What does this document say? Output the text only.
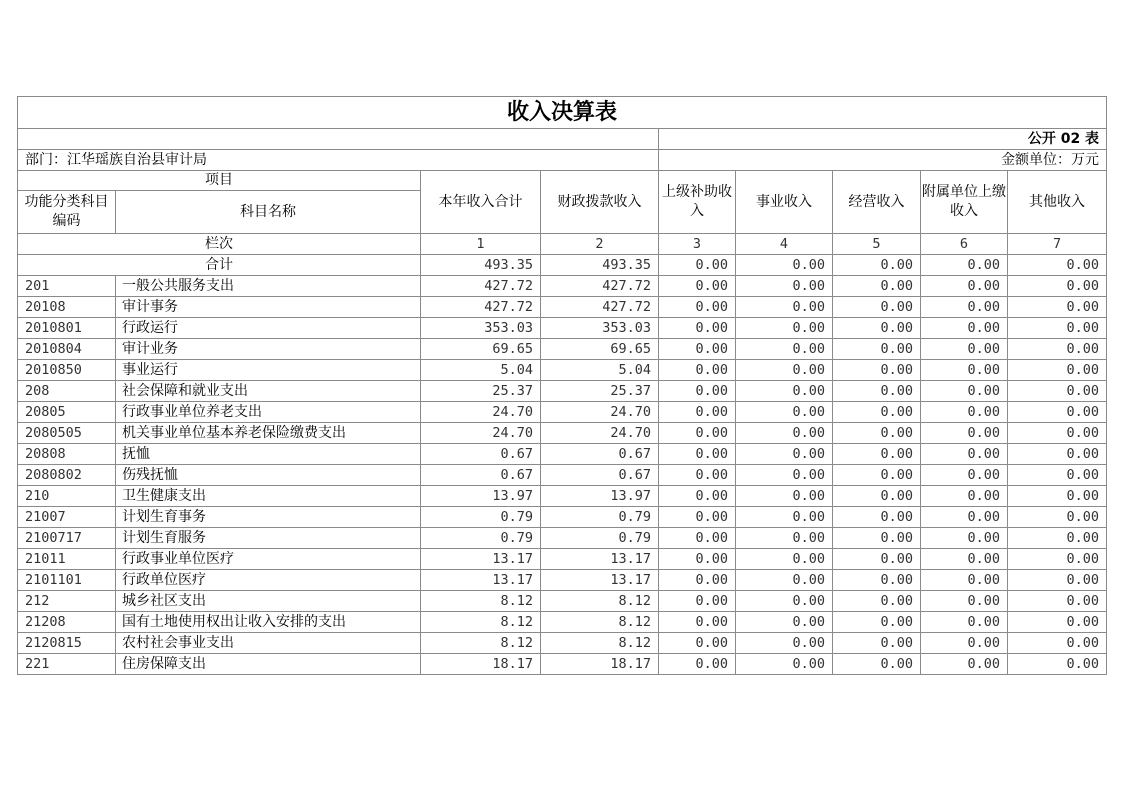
收入决算表								
				公开 02 表				
部门：江华瑶族自治县审计局				金额单位：万元				
项目		本年收入合计	财政拨款收入	上级补助收入	事业收入	经营收入	附属单位上缴收入	其他收入
功能分类科目编码	科目名称							
栏次		1	2	3	4	5	6	7
合计		493.35	493.35	0.00	0.00	0.00	0.00	0.00
201	一般公共服务支出	427.72	427.72	0.00	0.00	0.00	0.00	0.00
20108	审计事务	427.72	427.72	0.00	0.00	0.00	0.00	0.00
2010801	行政运行	353.03	353.03	0.00	0.00	0.00	0.00	0.00
2010804	审计业务	69.65	69.65	0.00	0.00	0.00	0.00	0.00
2010850	事业运行	5.04	5.04	0.00	0.00	0.00	0.00	0.00
208	社会保障和就业支出	25.37	25.37	0.00	0.00	0.00	0.00	0.00
20805	行政事业单位养老支出	24.70	24.70	0.00	0.00	0.00	0.00	0.00
2080505	机关事业单位基本养老保险缴费支出	24.70	24.70	0.00	0.00	0.00	0.00	0.00
20808	抚恤	0.67	0.67	0.00	0.00	0.00	0.00	0.00
2080802	伤残抚恤	0.67	0.67	0.00	0.00	0.00	0.00	0.00
210	卫生健康支出	13.97	13.97	0.00	0.00	0.00	0.00	0.00
21007	计划生育事务	0.79	0.79	0.00	0.00	0.00	0.00	0.00
2100717	计划生育服务	0.79	0.79	0.00	0.00	0.00	0.00	0.00
21011	行政事业单位医疗	13.17	13.17	0.00	0.00	0.00	0.00	0.00
2101101	行政单位医疗	13.17	13.17	0.00	0.00	0.00	0.00	0.00
212	城乡社区支出	8.12	8.12	0.00	0.00	0.00	0.00	0.00
21208	国有土地使用权出让收入安排的支出	8.12	8.12	0.00	0.00	0.00	0.00	0.00
2120815	农村社会事业支出	8.12	8.12	0.00	0.00	0.00	0.00	0.00
221	住房保障支出	18.17	18.17	0.00	0.00	0.00	0.00	0.00
